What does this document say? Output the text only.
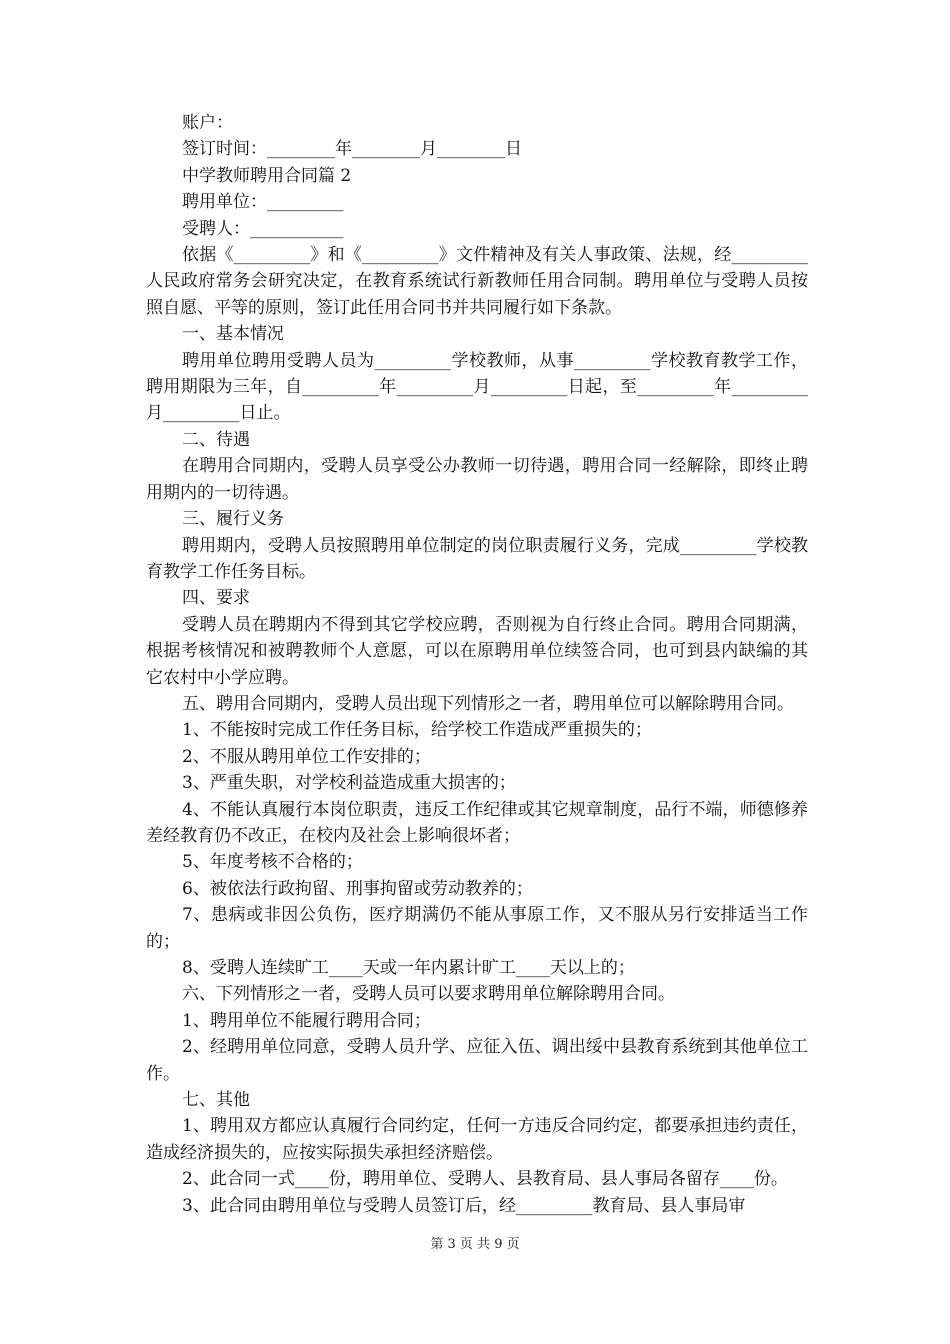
账户：

签订时间：________年________月________日

中学教师聘用合同篇 2

聘用单位：_________

受聘人：___________

依据《_________》和《_________》文件精神及有关人事政策、法规，经_________人民政府常务会研究决定，在教育系统试行新教师任用合同制。聘用单位与受聘人员按照自愿、平等的原则，签订此任用合同书并共同履行如下条款。

一、基本情况

聘用单位聘用受聘人员为_________学校教师，从事_________学校教育教学工作，聘用期限为三年，自_________年_________月_________日起，至_________年_________月_________日止。

二、待遇

在聘用合同期内，受聘人员享受公办教师一切待遇，聘用合同一经解除，即终止聘用期内的一切待遇。

三、履行义务

聘用期内，受聘人员按照聘用单位制定的岗位职责履行义务，完成_________学校教育教学工作任务目标。

四、要求

受聘人员在聘期内不得到其它学校应聘，否则视为自行终止合同。聘用合同期满，根据考核情况和被聘教师个人意愿，可以在原聘用单位续签合同，也可到县内缺编的其它农村中小学应聘。

五、聘用合同期内，受聘人员出现下列情形之一者，聘用单位可以解除聘用合同。

1、不能按时完成工作任务目标，给学校工作造成严重损失的；

2、不服从聘用单位工作安排的；

3、严重失职，对学校利益造成重大损害的；

4、不能认真履行本岗位职责，违反工作纪律或其它规章制度，品行不端，师德修养差经教育仍不改正，在校内及社会上影响很坏者；

5、年度考核不合格的；

6、被依法行政拘留、刑事拘留或劳动教养的；

7、患病或非因公负伤，医疗期满仍不能从事原工作，又不服从另行安排适当工作的；

8、受聘人连续旷工____天或一年内累计旷工____天以上的；

六、下列情形之一者，受聘人员可以要求聘用单位解除聘用合同。

1、聘用单位不能履行聘用合同；

2、经聘用单位同意，受聘人员升学、应征入伍、调出绥中县教育系统到其他单位工作。

七、其他

1、聘用双方都应认真履行合同约定，任何一方违反合同约定，都要承担违约责任，造成经济损失的，应按实际损失承担经济赔偿。

2、此合同一式____份，聘用单位、受聘人、县教育局、县人事局各留存____份。

3、此合同由聘用单位与受聘人员签订后，经_________教育局、县人事局审

第 3 页 共 9 页
